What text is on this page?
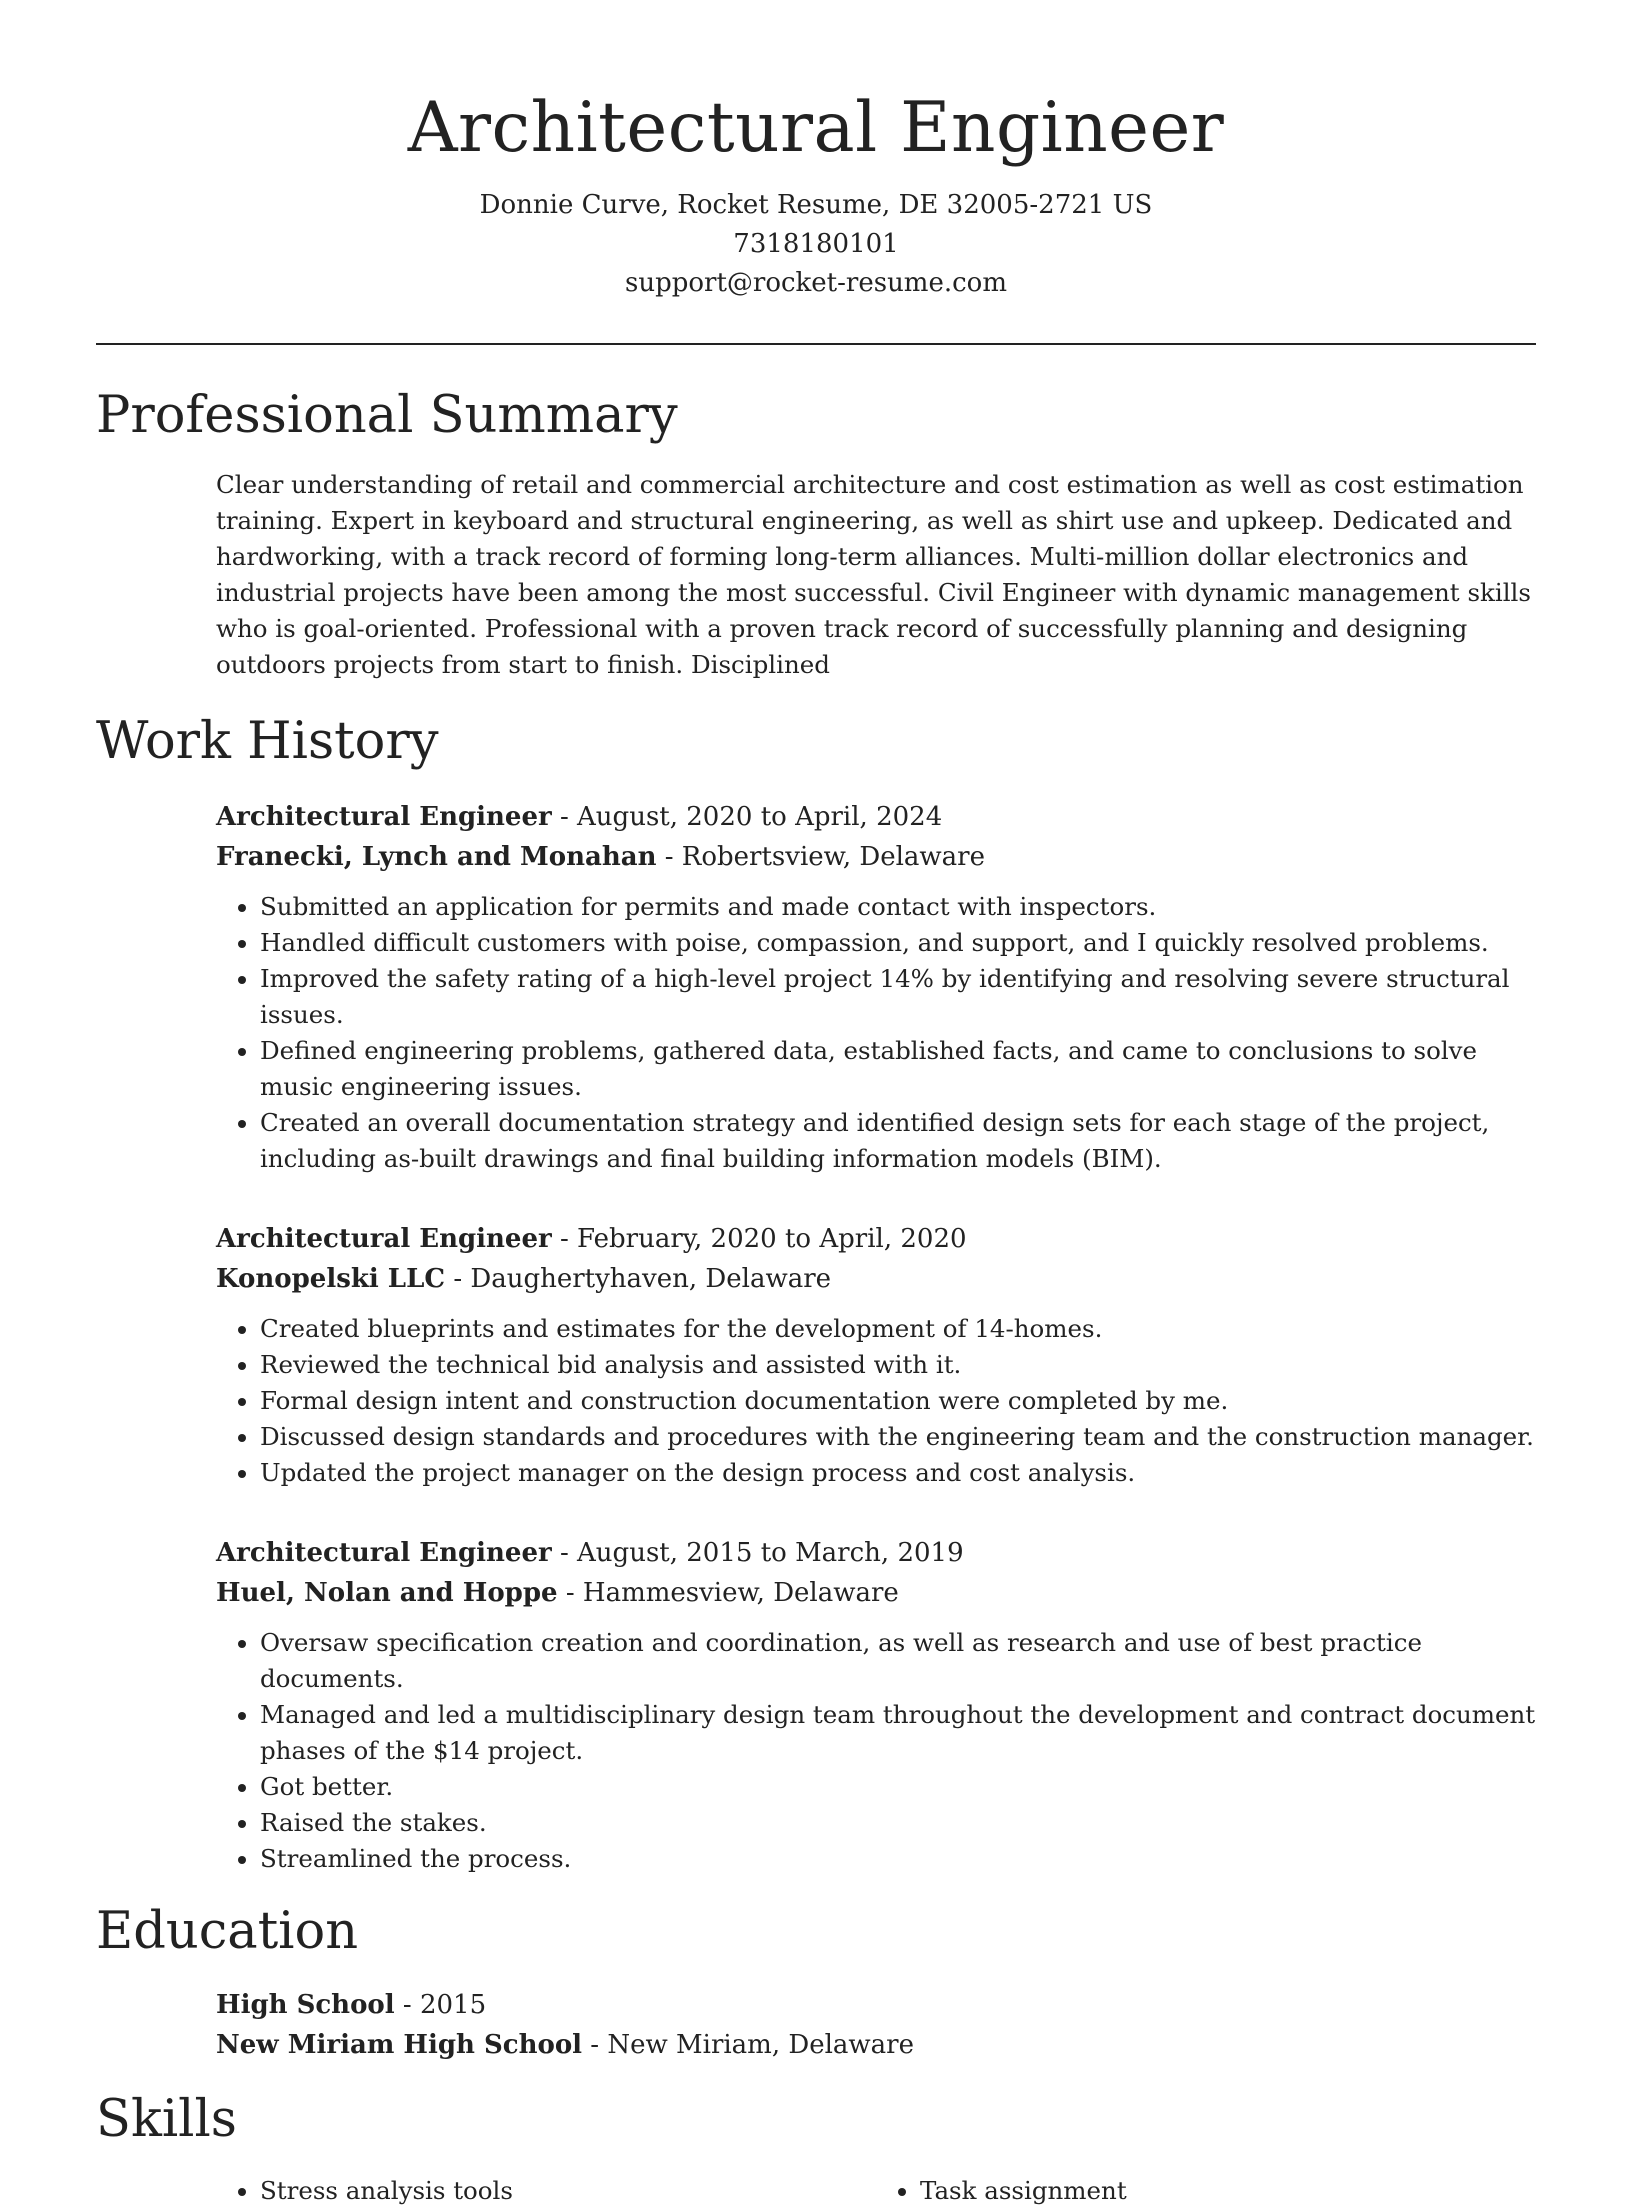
Architectural Engineer
Donnie Curve, Rocket Resume, DE 32005-2721 US
7318180101
support@rocket-resume.com
Professional Summary
Clear understanding of retail and commercial architecture and cost estimation as well as cost estimation training. Expert in keyboard and structural engineering, as well as shirt use and upkeep. Dedicated and hardworking, with a track record of forming long-term alliances. Multi-million dollar electronics and industrial projects have been among the most successful. Civil Engineer with dynamic management skills who is goal-oriented. Professional with a proven track record of successfully planning and designing outdoors projects from start to finish. Disciplined
Work History
Architectural Engineer - August, 2020 to April, 2024
Franecki, Lynch and Monahan - Robertsview, Delaware
• Submitted an application for permits and made contact with inspectors.
• Handled difficult customers with poise, compassion, and support, and I quickly resolved problems.
• Improved the safety rating of a high-level project 14% by identifying and resolving severe structural issues.
• Defined engineering problems, gathered data, established facts, and came to conclusions to solve music engineering issues.
• Created an overall documentation strategy and identified design sets for each stage of the project, including as-built drawings and final building information models (BIM).
Architectural Engineer - February, 2020 to April, 2020
Konopelski LLC - Daughertyhaven, Delaware
• Created blueprints and estimates for the development of 14-homes.
• Reviewed the technical bid analysis and assisted with it.
• Formal design intent and construction documentation were completed by me.
• Discussed design standards and procedures with the engineering team and the construction manager.
• Updated the project manager on the design process and cost analysis.
Architectural Engineer - August, 2015 to March, 2019
Huel, Nolan and Hoppe - Hammesview, Delaware
• Oversaw specification creation and coordination, as well as research and use of best practice documents.
• Managed and led a multidisciplinary design team throughout the development and contract document phases of the $14 project.
• Got better.
• Raised the stakes.
• Streamlined the process.
Education
High School - 2015
New Miriam High School - New Miriam, Delaware
Skills
• Stress analysis tools
•	Task assignment
